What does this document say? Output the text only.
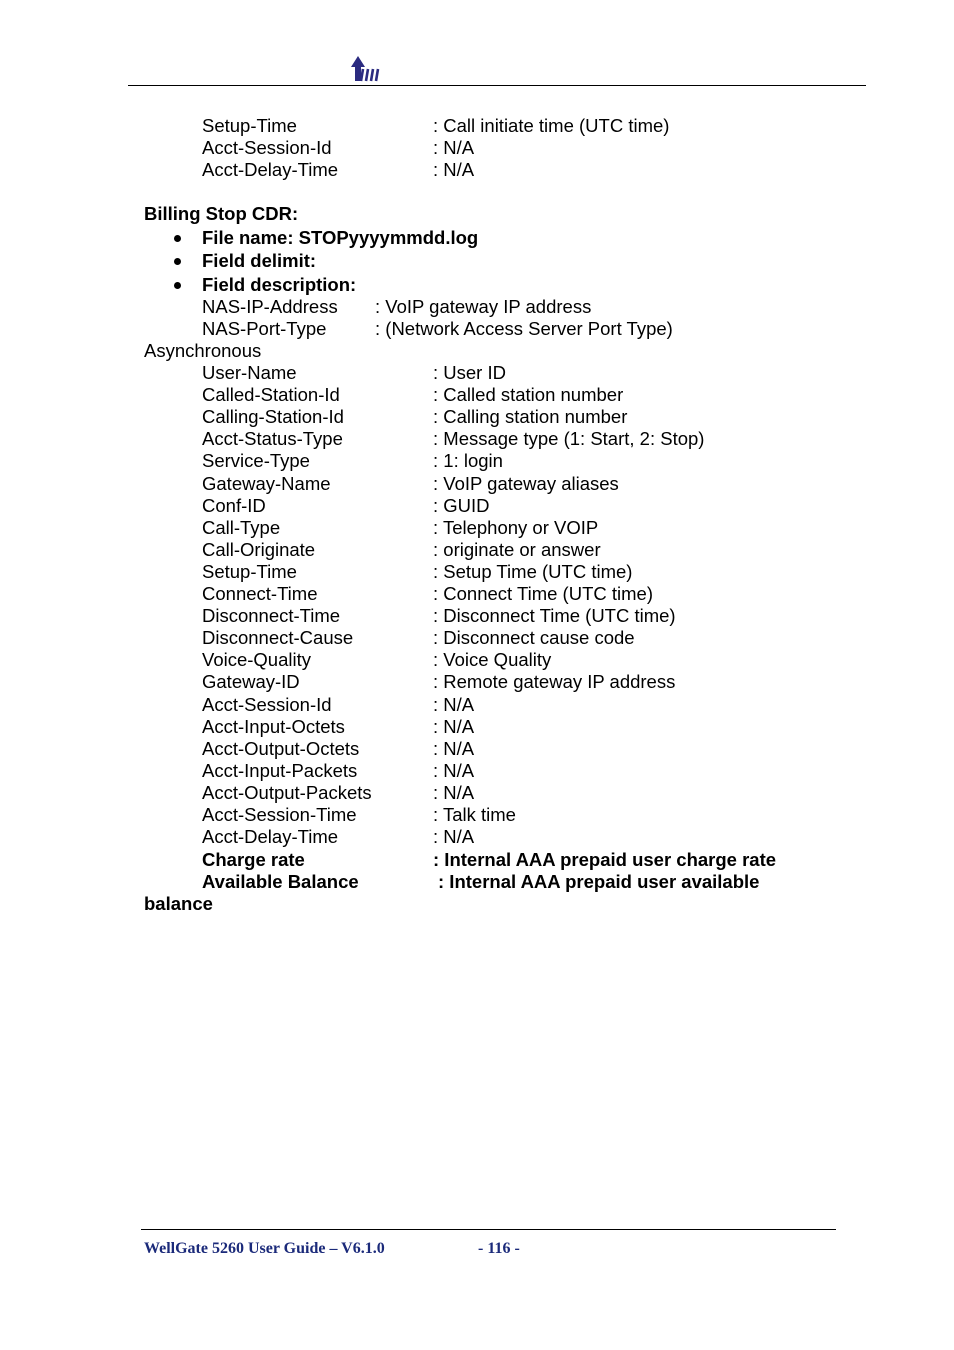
Setup-Time	: Call initiate time (UTC time)
Acct-Session-Id	: N/A
Acct-Delay-Time	: N/A
Billing Stop CDR:
File name: STOPyyyymmdd.log
Field delimit:
Field description:
NAS-IP-Address : VoIP gateway IP address
NAS-Port-Type	: (Network Access Server Port Type)
Asynchronous
User-Name	: User ID
Called-Station-Id	: Called station number
Calling-Station-Id	: Calling station number
Acct-Status-Type	: Message type (1: Start, 2: Stop)
Service-Type	: 1: login
Gateway-Name	: VoIP gateway aliases
Conf-ID	: GUID
Call-Type	: Telephony or VOIP
Call-Originate	: originate or answer
Setup-Time	: Setup Time (UTC time)
Connect-Time	: Connect Time (UTC time)
Disconnect-Time	: Disconnect Time (UTC time)
Disconnect-Cause	: Disconnect cause code
Voice-Quality	: Voice Quality
Gateway-ID	: Remote gateway IP address
Acct-Session-Id	: N/A
Acct-Input-Octets	: N/A
Acct-Output-Octets	: N/A
Acct-Input-Packets	: N/A
Acct-Output-Packets	: N/A
Acct-Session-Time	: Talk time
Acct-Delay-Time	: N/A
Charge rate	: Internal AAA prepaid user charge rate
Available Balance	: Internal AAA prepaid user available
balance
WellGate 5260 User Guide – V6.1.0	- 116 -
